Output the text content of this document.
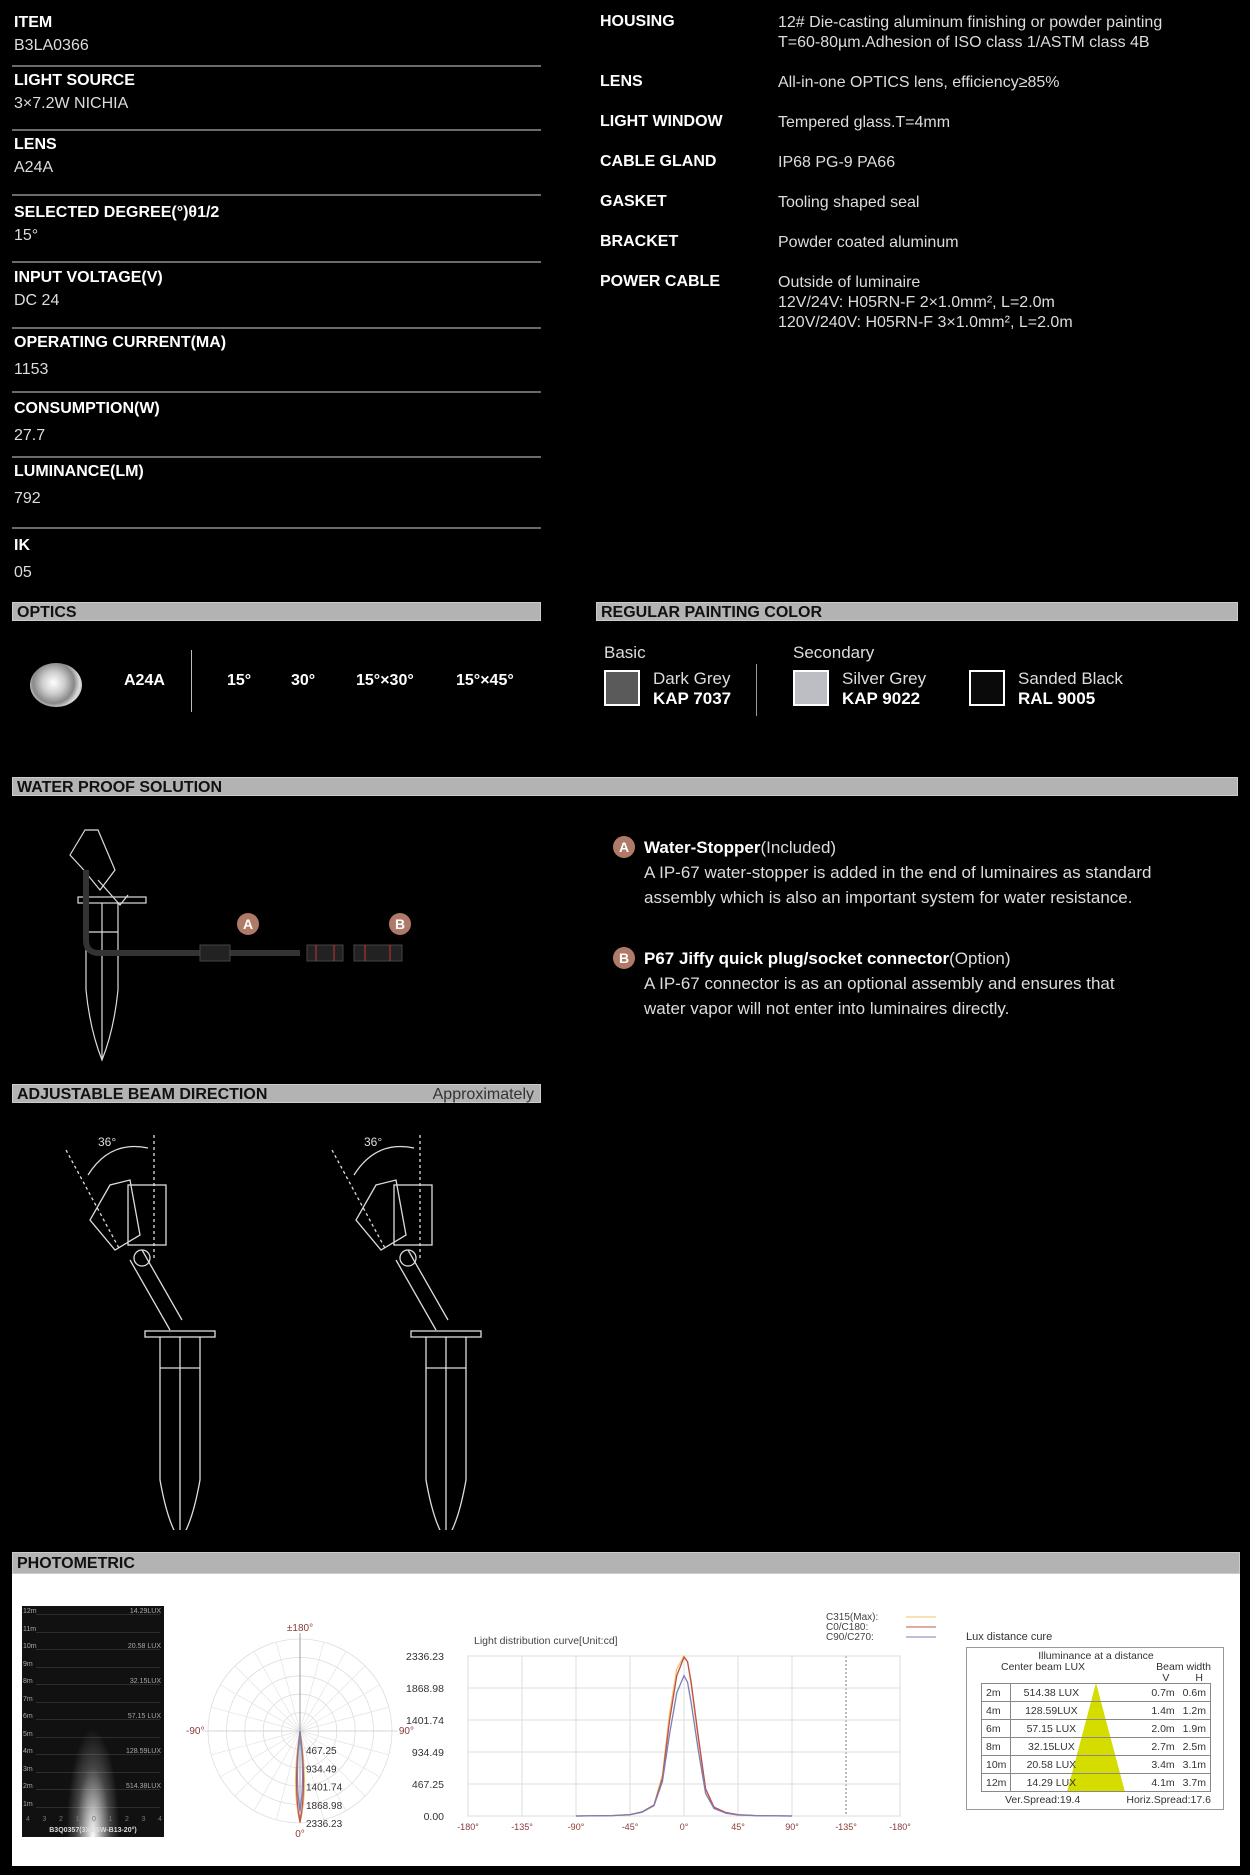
ITEM
B3LA0366
LIGHT SOURCE
3×7.2W NICHIA
LENS
A24A
SELECTED DEGREE(°)θ1/2
15°
INPUT VOLTAGE(V)
DC 24
OPERATING CURRENT(MA)
1153
CONSUMPTION(W)
27.7
LUMINANCE(LM)
792
IK
05
HOUSING	12# Die-casting aluminum finishing or powder painting
T=60-80µm.Adhesion of ISO class 1/ASTM class 4B
LENS	All-in-one OPTICS lens, efficiency≥85%
LIGHT WINDOW	Tempered glass.T=4mm
CABLE GLAND	IP68 PG-9 PA66
GASKET	Tooling shaped seal
BRACKET	Powder coated aluminum
POWER CABLE	Outside of luminaire
12V/24V: H05RN-F 2×1.0mm², L=2.0m
120V/240V: H05RN-F 3×1.0mm², L=2.0m
OPTICS
A24A	15° 30°	15°×30°	15°×45°
REGULAR PAINTING COLOR
Basic	Secondary
Dark Grey
KAP 7037
Silver Grey
KAP 9022
Sanded Black
RAL 9005
WATER PROOF SOLUTION
A	B
A Water-Stopper(Included)
A IP-67 water-stopper is added in the end of luminaires as standard
assembly which is also an important system for water resistance.
B P67 Jiffy quick plug/socket connector(Option)
A IP-67 connector is as an optional assembly and ensures that
water vapor will not enter into luminaires directly.
ADJUSTABLE BEAM DIRECTION	Approximately
36°	36°
PHOTOMETRIC
12m
11m
10m
9m
8m
7m
6m
5m
4m
3m
2m
1m
14.29LUX
20.58 LUX
32.15LUX
57.15 LUX
128.59LUX
514.38LUX
4 3 2 1 0 1 2 3 4
B3Q0357(3X1.5W-B13-20°)
±180°
-90°	90°
0°
467.25
934.49
1401.74
1868.98
2336.23	-180°	-135°	-90°	-45°	0°	45°	90°	-135°	-180°
2336.23
1868.98
1401.74
934.49
467.25
0.00
Light distribution curve[Unit:cd]
C315(Max):
C0/C180:
C90/C270:	Lux distance cure
Illuminance at a distance
Center beam LUX	Beam width
V H
2m	514.38 LUX	0.7m	0.6m
4m	128.59LUX	1.4m	1.2m
6m	57.15 LUX	2.0m	1.9m
8m	32.15LUX	2.7m	2.5m
10m	20.58 LUX	3.4m	3.1m
12m	14.29 LUX	4.1m	3.7m
Ver.Spread:19.4	Horiz.Spread:17.6
